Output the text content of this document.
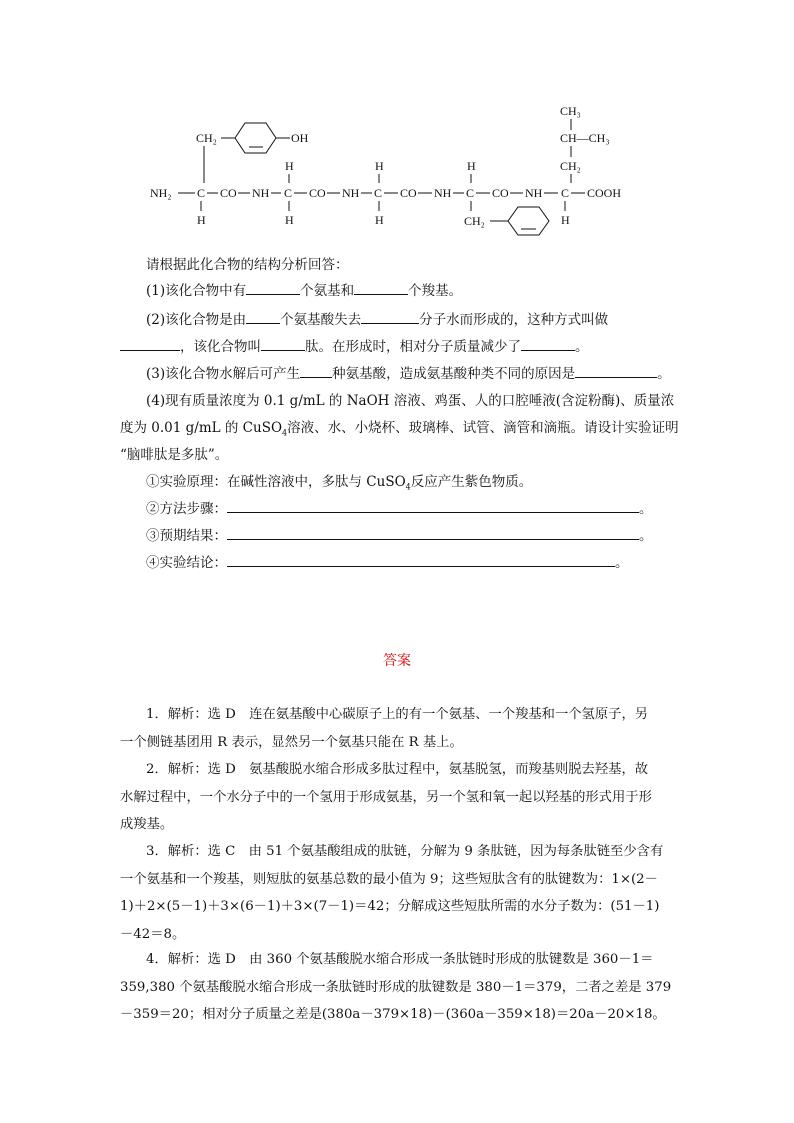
CH₃
CH—CH₃
CH₂
CH₂	OH
H	H	H
NH₂ C CO NH C CO NH C CO NH C CO NH C COOH
H	H	H	H
CH₂
请根据此化合物的结构分析回答：
(1)该化合物中有	个氨基和	个羧基。
(2)该化合物是由	个氨基酸失去	分子水而形成的，这种方式叫做
，该化合物叫	肽。在形成时，相对分子质量减少了	。
(3)该化合物水解后可产生 种氨基酸，造成氨基酸种类不同的原因是	。
(4)现有质量浓度为 0.1 g/mL 的 NaOH 溶液、鸡蛋、人的口腔唾液(含淀粉酶)、质量浓
度为 0.01 g/mL 的 CuSO$_4$溶液、水、小烧杯、玻璃棒、试管、滴管和滴瓶。请设计实验证明
“脑啡肽是多肽”。
①实验原理：在碱性溶液中，多肽与 CuSO$_4$反应产生紫色物质。
②方法步骤：	。
③预期结果：	。
④实验结论：	。
答案
1．解析：选 D　连在氨基酸中心碳原子上的有一个氨基、一个羧基和一个氢原子，另
一个侧链基团用 R 表示，显然另一个氨基只能在 R 基上。
2．解析：选 D　氨基酸脱水缩合形成多肽过程中，氨基脱氢，而羧基则脱去羟基，故
水解过程中，一个水分子中的一个氢用于形成氨基，另一个氢和氧一起以羟基的形式用于形
成羧基。
3．解析：选 C　由 51 个氨基酸组成的肽链，分解为 9 条肽链，因为每条肽链至少含有
一个氨基和一个羧基，则短肽的氨基总数的最小值为 9；这些短肽含有的肽键数为：1×(2－
1)＋2×(5－1)＋3×(6－1)＋3×(7－1)＝42；分解成这些短肽所需的水分子数为：(51－1)
－42＝8。
4．解析：选 D　由 360 个氨基酸脱水缩合形成一条肽链时形成的肽键数是 360－1＝
359,380 个氨基酸脱水缩合形成一条肽链时形成的肽键数是 380－1＝379，二者之差是 379
－359＝20；相对分子质量之差是(380a－379×18)－(360a－359×18)＝20a－20×18。
